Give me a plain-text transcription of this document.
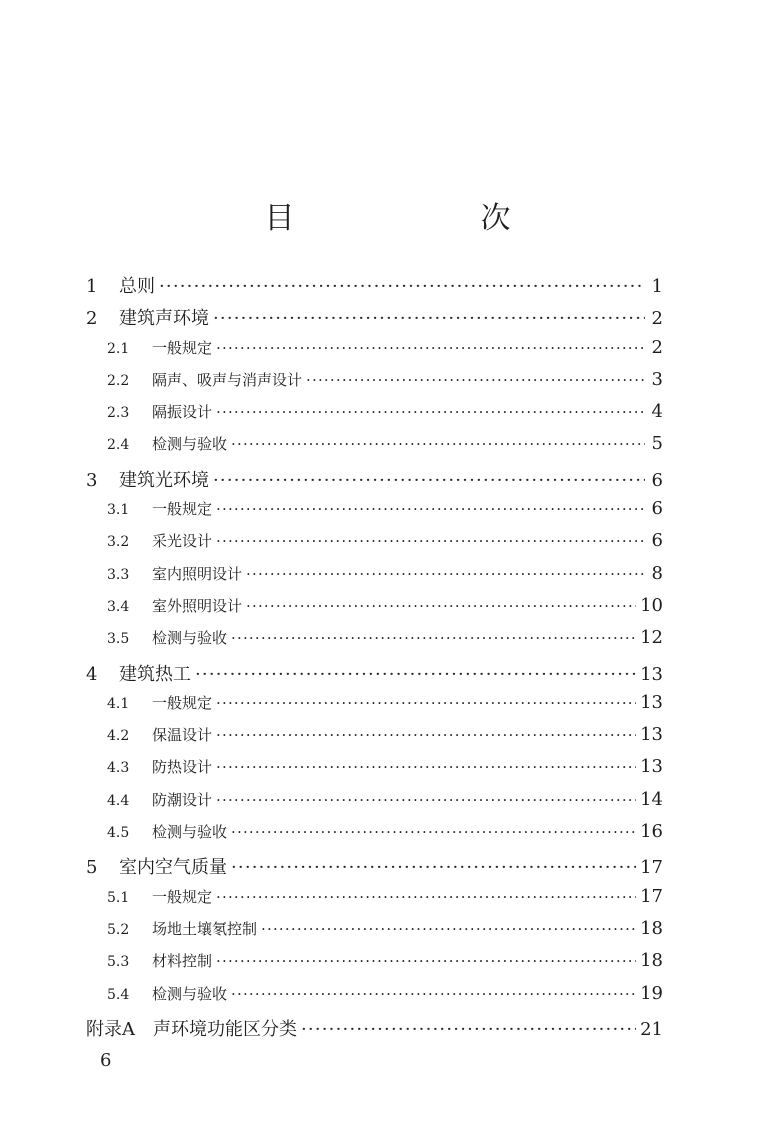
目　　次
1	总则 ·····	1
2	建筑声环境 ·····	2
2.1	一般规定 ·····	2
2.2	隔声、吸声与消声设计 ·····	3
2.3	隔振设计 ·····	4
2.4	检测与验收 ·····	5
3	建筑光环境 ·····	6
3.1	一般规定 ·····	6
3.2	采光设计 ·····	6
3.3	室内照明设计 ·····	8
3.4	室外照明设计 ·····	10
3.5	检测与验收 ·····	12
4	建筑热工 ·····	13
4.1	一般规定 ·····	13
4.2	保温设计 ·····	13
4.3	防热设计 ·····	13
4.4	防潮设计 ·····	14
4.5	检测与验收 ·····	16
5	室内空气质量 ·····	17
5.1	一般规定 ·····	17
5.2	场地土壤氡控制 ·····	18
5.3	材料控制 ·····	18
5.4	检测与验收 ·····	19
附录A　声环境功能区分类 ·····	21
6
